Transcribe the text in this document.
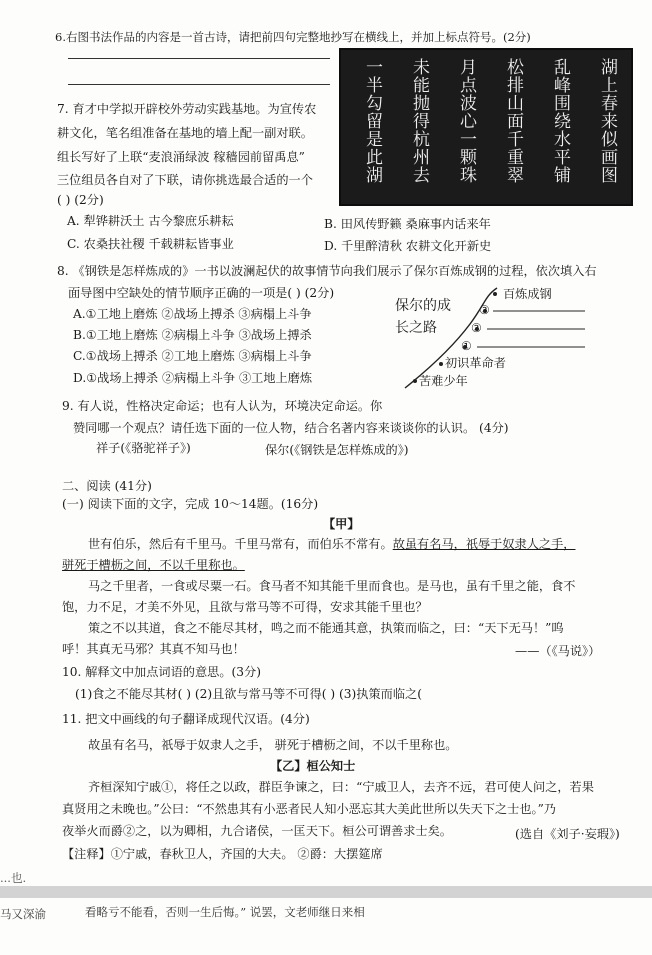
6.右图书法作品的内容是一首古诗，请把前四句完整地抄写在横线上，并加上标点符号。(2分)
湖上春来似画图
乱峰围绕水平铺
松排山面千重翠
月点波心一颗珠
未能抛得杭州去
一半勾留是此湖
7. 育才中学拟开辟校外劳动实践基地。为宣传农
耕文化，笔名组准备在基地的墙上配一副对联。
组长写好了上联“麦浪涌绿波 稼穑园前留禹息”
三位组员各自对了下联，请你挑选最合适的一个
( ) (2分)
A. 犁铧耕沃土 古今黎庶乐耕耘	B. 田风传野籁 桑麻事内话来年
C. 农桑扶社稷 千载耕耘皆事业	D. 千里醉清秋 农耕文化开新史
8. 《钢铁是怎样炼成的》一书以波澜起伏的故事情节向我们展示了保尔百炼成钢的过程，依次填入右
面导图中空缺处的情节顺序正确的一项是( ) (2分)
A.①工地上磨炼 ②战场上搏杀 ③病榻上斗争
B.①工地上磨炼 ②病榻上斗争 ③战场上搏杀
C.①战场上搏杀 ②工地上磨炼 ③病榻上斗争
D.①战场上搏杀 ②病榻上斗争 ③工地上磨炼
保尔的成
长之路
百炼成钢
③
②
①
初识革命者
苦难少年
9. 有人说，性格决定命运；也有人认为，环境决定命运。你
赞同哪一个观点？请任选下面的一位人物，结合名著内容来谈谈你的认识。 (4分)
祥子(《骆驼祥子》)	保尔(《钢铁是怎样炼成的》)
二、阅读 (41分)
(一) 阅读下面的文字，完成 10～14题。(16分)
【甲】
世有伯乐，然后有千里马。千里马常有，而伯乐不常有。故虽有名马，祇辱于奴隶人之手，
骈死于槽枥之间，不以千里称也。
马之千里者，一食或尽粟一石。食马者不知其能千里而食也。是马也，虽有千里之能，食不
饱，力不足，才美不外见，且欲与常马等不可得，安求其能千里也？
策之不以其道，食之不能尽其材，鸣之而不能通其意，执策而临之，曰：“天下无马！”呜
呼！其真无马邪？其真不知马也！	——（《马说》）
10. 解释文中加点词语的意思。(3分)
(1)食之不能尽其材( ) (2)且欲与常马等不可得( ) (3)执策而临之(
11. 把文中画线的句子翻译成现代汉语。(4分)
故虽有名马，祇辱于奴隶人之手， 骈死于槽枥之间，不以千里称也。
【乙】桓公知士
齐桓深知宁戚①，将任之以政，群臣争谏之，曰：“宁戚卫人，去齐不远，君可使人问之，若果
真贤用之未晚也。”公曰：“不然患其有小恶者民人知小恶忘其大美此世所以失天下之士也。”乃
夜举火而爵②之，以为卿相，九合诸侯，一匡天下。桓公可谓善求士矣。	(选自《刘子·妄瑕》)
【注释】①宁戚，春秋卫人，齐国的大夫。 ②爵：大摆筵席
...也.
马又深渝	看略亏不能看，否则一生后悔。” 说罢，文老师继日来相
